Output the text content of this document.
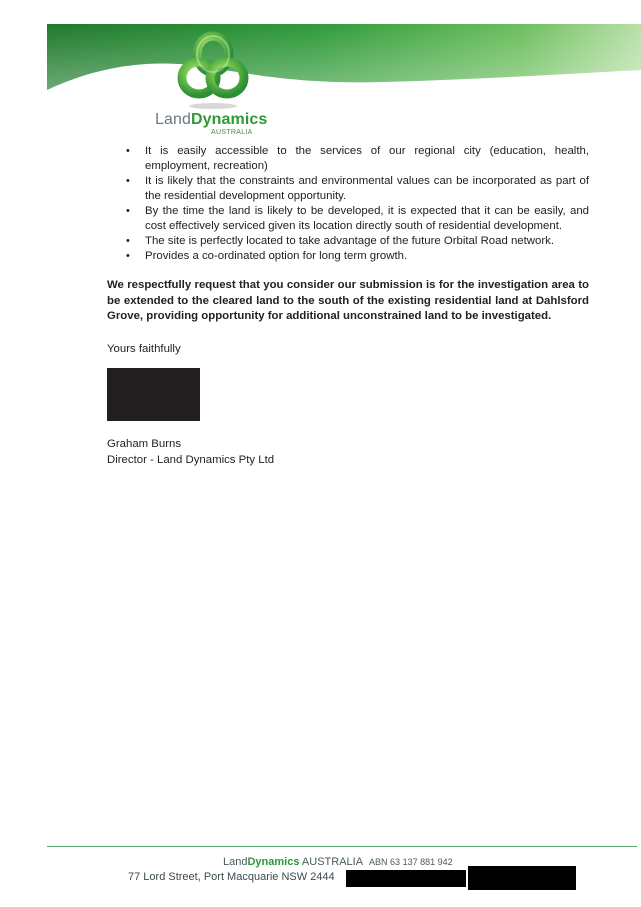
LandDynamics
AUSTRALIA
• It is easily accessible to the services of our regional city (education, health, employment, recreation)
• It is likely that the constraints and environmental values can be incorporated as part of the residential development opportunity.
• By the time the land is likely to be developed, it is expected that it can be easily, and cost effectively serviced given its location directly south of residential development.
• The site is perfectly located to take advantage of the future Orbital Road network.
• Provides a co-ordinated option for long term growth.

We respectfully request that you consider our submission is for the investigation area to be extended to the cleared land to the south of the existing residential land at Dahlsford Grove, providing opportunity for additional unconstrained land to be investigated.

Yours faithfully
Graham Burns
Director - Land Dynamics Pty Ltd
LandDynamics AUSTRALIA ABN 63 137 881 942
77 Lord Street, Port Macquarie NSW 2444
